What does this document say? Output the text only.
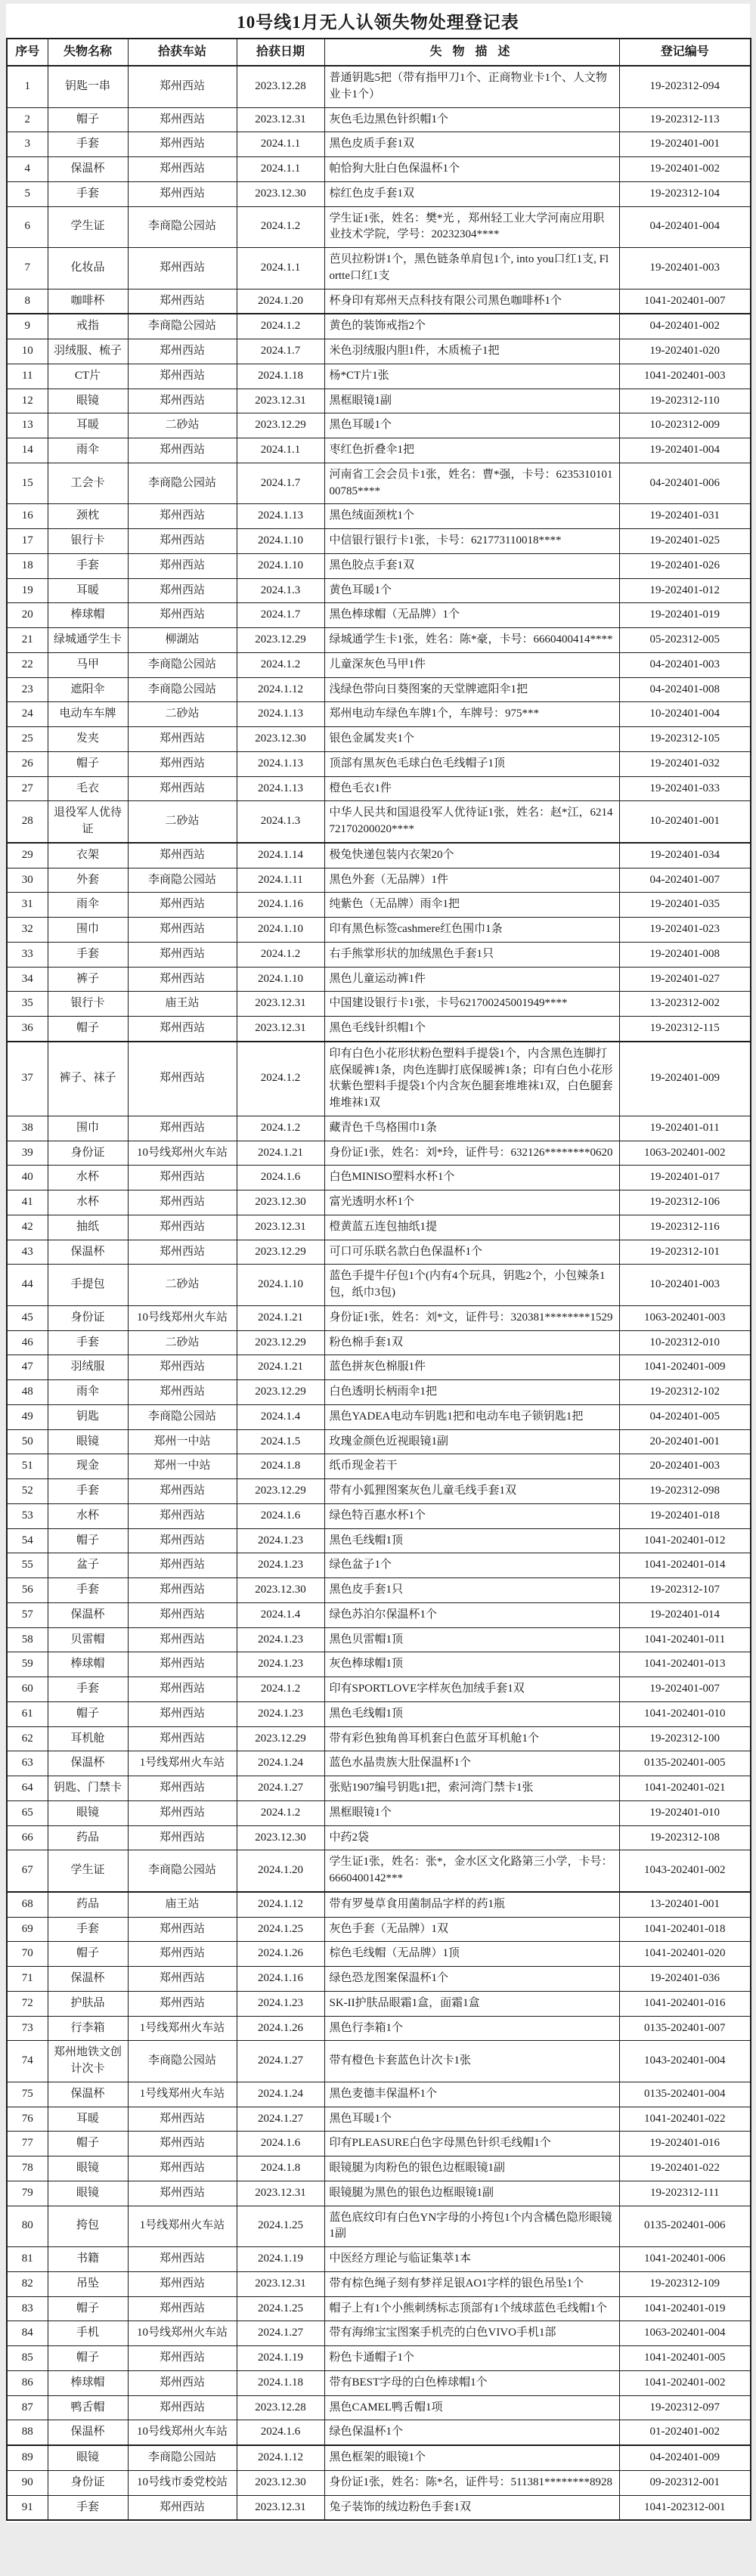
10号线1月无人认领失物处理登记表
序号	失物名称	拾获车站	拾获日期	失 物 描 述	登记编号
1	钥匙一串	郑州西站	2023.12.28	普通钥匙5把（带有指甲刀1个、正商物业卡1个、人文物业卡1个）	19-202312-094
2	帽子	郑州西站	2023.12.31	灰色毛边黑色针织帽1个	19-202312-113
3	手套	郑州西站	2024.1.1	黑色皮质手套1双	19-202401-001
4	保温杯	郑州西站	2024.1.1	帕恰狗大肚白色保温杯1个	19-202401-002
5	手套	郑州西站	2023.12.30	棕红色皮手套1双	19-202312-104
6	学生证	李商隐公园站	2024.1.2	学生证1张，姓名：樊*光 ，郑州轻工业大学河南应用职业技术学院，学号：20232304****	04-202401-004
7	化妆品	郑州西站	2024.1.1	芭贝拉粉饼1个，黑色链条单肩包1个, into you口红1支, Flortte口红1支	19-202401-003
8	咖啡杯	郑州西站	2024.1.20	杯身印有郑州天点科技有限公司黑色咖啡杯1个	1041-202401-007
9	戒指	李商隐公园站	2024.1.2	黄色的装饰戒指2个	04-202401-002
10	羽绒服、梳子	郑州西站	2024.1.7	米色羽绒服内胆1件，木质梳子1把	19-202401-020
11	CT片	郑州西站	2024.1.18	杨*CT片1张	1041-202401-003
12	眼镜	郑州西站	2023.12.31	黑框眼镜1副	19-202312-110
13	耳暖	二砂站	2023.12.29	黑色耳暖1个	10-202312-009
14	雨伞	郑州西站	2024.1.1	枣红色折叠伞1把	19-202401-004
15	工会卡	李商隐公园站	2024.1.7	河南省工会会员卡1张，姓名：曹*强，卡号：623531010100785****	04-202401-006
16	颈枕	郑州西站	2024.1.13	黑色绒面颈枕1个	19-202401-031
17	银行卡	郑州西站	2024.1.10	中信银行银行卡1张，卡号：621773110018****	19-202401-025
18	手套	郑州西站	2024.1.10	黑色胶点手套1双	19-202401-026
19	耳暖	郑州西站	2024.1.3	黄色耳暖1个	19-202401-012
20	棒球帽	郑州西站	2024.1.7	黑色棒球帽（无品牌）1个	19-202401-019
21	绿城通学生卡	柳湖站	2023.12.29	绿城通学生卡1张，姓名：陈*豪，卡号：6660400414****	05-202312-005
22	马甲	李商隐公园站	2024.1.2	儿童深灰色马甲1件	04-202401-003
23	遮阳伞	李商隐公园站	2024.1.12	浅绿色带向日葵图案的天堂牌遮阳伞1把	04-202401-008
24	电动车车牌	二砂站	2024.1.13	郑州电动车绿色车牌1个，车牌号：975***	10-202401-004
25	发夹	郑州西站	2023.12.30	银色金属发夹1个	19-202312-105
26	帽子	郑州西站	2024.1.13	顶部有黑灰色毛球白色毛线帽子1顶	19-202401-032
27	毛衣	郑州西站	2024.1.13	橙色毛衣1件	19-202401-033
28	退役军人优待证	二砂站	2024.1.3	中华人民共和国退役军人优待证1张，姓名：赵*江，621472170200020****	10-202401-001
29	衣架	郑州西站	2024.1.14	极兔快递包装内衣架20个	19-202401-034
30	外套	李商隐公园站	2024.1.11	黑色外套（无品牌）1件	04-202401-007
31	雨伞	郑州西站	2024.1.16	纯紫色（无品牌）雨伞1把	19-202401-035
32	围巾	郑州西站	2024.1.10	印有黑色标签cashmere红色围巾1条	19-202401-023
33	手套	郑州西站	2024.1.2	右手熊掌形状的加绒黑色手套1只	19-202401-008
34	裤子	郑州西站	2024.1.10	黑色儿童运动裤1件	19-202401-027
35	银行卡	庙王站	2023.12.31	中国建设银行卡1张，卡号621700245001949****	13-202312-002
36	帽子	郑州西站	2023.12.31	黑色毛线针织帽1个	19-202312-115
37	裤子、袜子	郑州西站	2024.1.2	印有白色小花形状粉色塑料手提袋1个，内含黑色连脚打底保暖裤1条，肉色连脚打底保暖裤1条；印有白色小花形状紫色塑料手提袋1个内含灰色腿套堆堆袜1双，白色腿套堆堆袜1双	19-202401-009
38	围巾	郑州西站	2024.1.2	藏青色千鸟格围巾1条	19-202401-011
39	身份证	10号线郑州火车站	2024.1.21	身份证1张，姓名：刘*玲，证件号：632126********0620	1063-202401-002
40	水杯	郑州西站	2024.1.6	白色MINISO塑料水杯1个	19-202401-017
41	水杯	郑州西站	2023.12.30	富光透明水杯1个	19-202312-106
42	抽纸	郑州西站	2023.12.31	橙黄蓝五连包抽纸1提	19-202312-116
43	保温杯	郑州西站	2023.12.29	可口可乐联名款白色保温杯1个	19-202312-101
44	手提包	二砂站	2024.1.10	蓝色手提牛仔包1个(内有4个玩具，钥匙2个，小包辣条1包，纸巾3包)	10-202401-003
45	身份证	10号线郑州火车站	2024.1.21	身份证1张，姓名：刘*文，证件号：320381********1529	1063-202401-003
46	手套	二砂站	2023.12.29	粉色棉手套1双	10-202312-010
47	羽绒服	郑州西站	2024.1.21	蓝色拼灰色棉服1件	1041-202401-009
48	雨伞	郑州西站	2023.12.29	白色透明长柄雨伞1把	19-202312-102
49	钥匙	李商隐公园站	2024.1.4	黑色YADEA电动车钥匙1把和电动车电子锁钥匙1把	04-202401-005
50	眼镜	郑州一中站	2024.1.5	玫瑰金颜色近视眼镜1副	20-202401-001
51	现金	郑州一中站	2024.1.8	纸币现金若干	20-202401-003
52	手套	郑州西站	2023.12.29	带有小狐狸图案灰色儿童毛线手套1双	19-202312-098
53	水杯	郑州西站	2024.1.6	绿色特百惠水杯1个	19-202401-018
54	帽子	郑州西站	2024.1.23	黑色毛线帽1顶	1041-202401-012
55	盆子	郑州西站	2024.1.23	绿色盆子1个	1041-202401-014
56	手套	郑州西站	2023.12.30	黑色皮手套1只	19-202312-107
57	保温杯	郑州西站	2024.1.4	绿色苏泊尔保温杯1个	19-202401-014
58	贝雷帽	郑州西站	2024.1.23	黑色贝雷帽1顶	1041-202401-011
59	棒球帽	郑州西站	2024.1.23	灰色棒球帽1顶	1041-202401-013
60	手套	郑州西站	2024.1.2	印有SPORTLOVE字样灰色加绒手套1双	19-202401-007
61	帽子	郑州西站	2024.1.23	黑色毛线帽1顶	1041-202401-010
62	耳机舱	郑州西站	2023.12.29	带有彩色独角兽耳机套白色蓝牙耳机舱1个	19-202312-100
63	保温杯	1号线郑州火车站	2024.1.24	蓝色水晶贵族大肚保温杯1个	0135-202401-005
64	钥匙、门禁卡	郑州西站	2024.1.27	张贴1907编号钥匙1把，索河湾门禁卡1张	1041-202401-021
65	眼镜	郑州西站	2024.1.2	黑框眼镜1个	19-202401-010
66	药品	郑州西站	2023.12.30	中药2袋	19-202312-108
67	学生证	李商隐公园站	2024.1.20	学生证1张，姓名：张*，金水区文化路第三小学，卡号：6660400142***	1043-202401-002
68	药品	庙王站	2024.1.12	带有罗曼草食用菌制品字样的药1瓶	13-202401-001
69	手套	郑州西站	2024.1.25	灰色手套（无品牌）1双	1041-202401-018
70	帽子	郑州西站	2024.1.26	棕色毛线帽（无品牌）1顶	1041-202401-020
71	保温杯	郑州西站	2024.1.16	绿色恐龙图案保温杯1个	19-202401-036
72	护肤品	郑州西站	2024.1.23	SK-II护肤品眼霜1盒，面霜1盒	1041-202401-016
73	行李箱	1号线郑州火车站	2024.1.26	黑色行李箱1个	0135-202401-007
74	郑州地铁文创计次卡	李商隐公园站	2024.1.27	带有橙色卡套蓝色计次卡1张	1043-202401-004
75	保温杯	1号线郑州火车站	2024.1.24	黑色麦德丰保温杯1个	0135-202401-004
76	耳暖	郑州西站	2024.1.27	黑色耳暖1个	1041-202401-022
77	帽子	郑州西站	2024.1.6	印有PLEASURE白色字母黑色针织毛线帽1个	19-202401-016
78	眼镜	郑州西站	2024.1.8	眼镜腿为肉粉色的银色边框眼镜1副	19-202401-022
79	眼镜	郑州西站	2023.12.31	眼镜腿为黑色的银色边框眼镜1副	19-202312-111
80	挎包	1号线郑州火车站	2024.1.25	蓝色底纹印有白色YN字母的小挎包1个内含橘色隐形眼镜1副	0135-202401-006
81	书籍	郑州西站	2024.1.19	中医经方理论与临证集萃1本	1041-202401-006
82	吊坠	郑州西站	2023.12.31	带有棕色绳子刻有梦祥足银AO1字样的银色吊坠1个	19-202312-109
83	帽子	郑州西站	2024.1.25	帽子上有1个小熊刺绣标志顶部有1个绒球蓝色毛线帽1个	1041-202401-019
84	手机	10号线郑州火车站	2024.1.27	带有海绵宝宝图案手机壳的白色VIVO手机1部	1063-202401-004
85	帽子	郑州西站	2024.1.19	粉色卡通帽子1个	1041-202401-005
86	棒球帽	郑州西站	2024.1.18	带有BEST字母的白色棒球帽1个	1041-202401-002
87	鸭舌帽	郑州西站	2023.12.28	黑色CAMEL鸭舌帽1项	19-202312-097
88	保温杯	10号线郑州火车站	2024.1.6	绿色保温杯1个	01-202401-002
89	眼镜	李商隐公园站	2024.1.12	黑色框架的眼镜1个	04-202401-009
90	身份证	10号线市委党校站	2023.12.30	身份证1张，姓名：陈*名，证件号：511381********8928	09-202312-001
91	手套	郑州西站	2023.12.31	兔子装饰的绒边粉色手套1双	1041-202312-001
